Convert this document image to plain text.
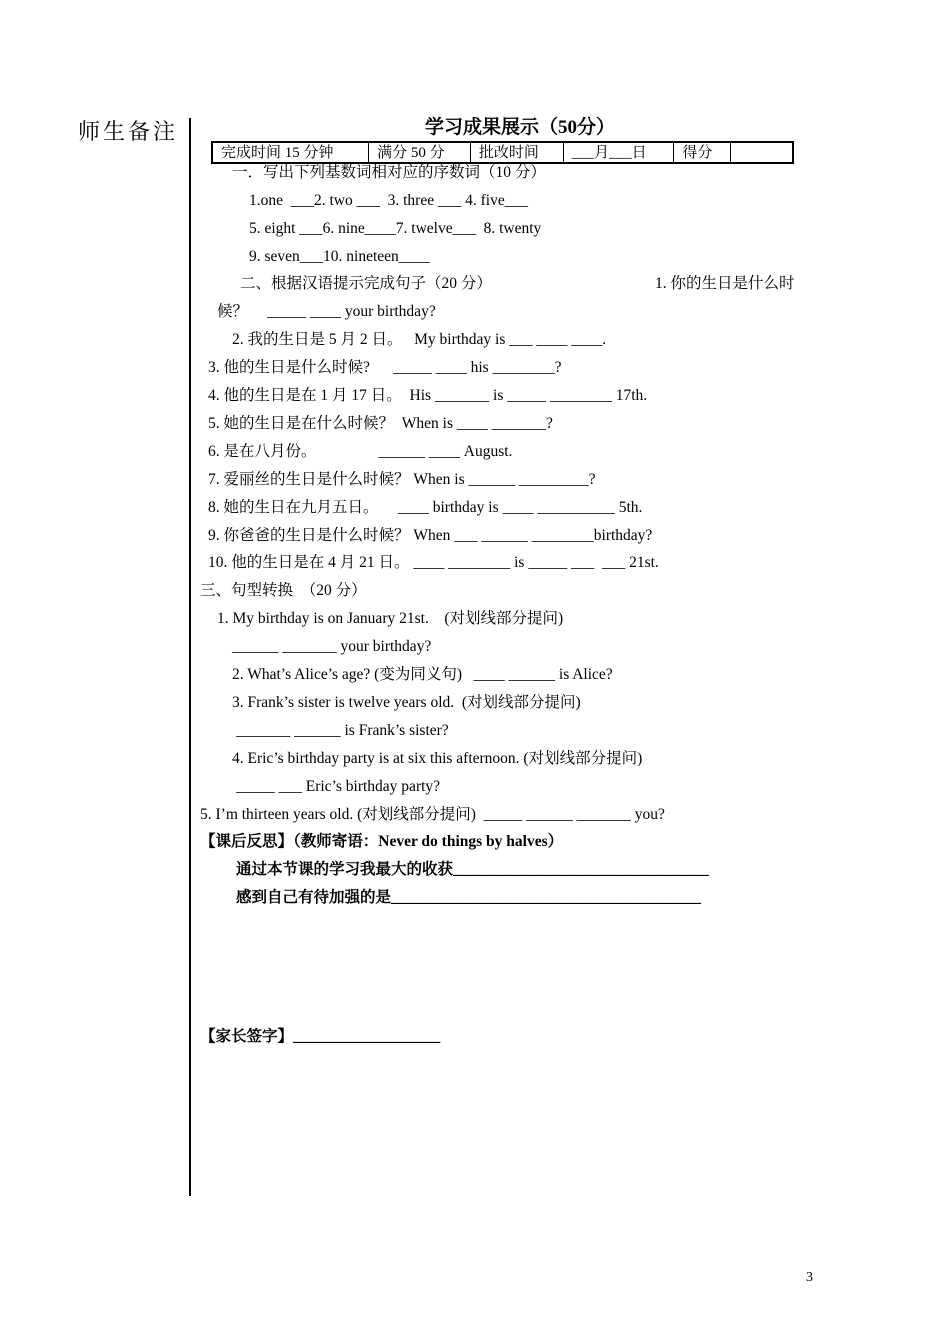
师生备注	学习成果展示（50分）
完成时间 15 分钟	满分 50 分	批改时间	___月___日	得分	
一．写出下列基数词相对应的序数词（10 分）
1.one  ___2. two ___  3. three ___ 4. five___
5. eight ___6. nine____7. twelve___  8. twenty
9. seven___10. nineteen____
二、根据汉语提示完成句子（20 分）	1. 你的生日是什么时
候？     _____ ____ your birthday?
2. 我的生日是 5 月 2 日。   My birthday is ___ ____ ____.
3. 他的生日是什么时候?      _____ ____ his ________?
4. 他的生日是在 1 月 17 日。  His _______ is _____ ________ 17th.
5. 她的生日是在什么时候？  When is ____ _______?
6. 是在八月份。                ______ ____ August.
7. 爱丽丝的生日是什么时候？ When is ______ _________?
8. 她的生日在九月五日。     ____ birthday is ____ __________ 5th.
9. 你爸爸的生日是什么时候？ When ___ ______ ________birthday?
10. 他的生日是在 4 月 21 日。 ____ ________ is _____ ___  ___ 21st.
三、句型转换  （20 分）
1. My birthday is on January 21st.    (对划线部分提问)
______ _______ your birthday?
2. What’s Alice’s age? (变为同义句)   ____ ______ is Alice?
3. Frank’s sister is twelve years old.  (对划线部分提问)
_______ ______ is Frank’s sister?
4. Eric’s birthday party is at six this afternoon. (对划线部分提问)
_____ ___ Eric’s birthday party?
5. I’m thirteen years old. (对划线部分提问)  _____ ______ _______ you?
【课后反思】（教师寄语：Never do things by halves）
通过本节课的学习我最大的收获_________________________________
感到自己有待加强的是________________________________________
【家长签字】___________________
3
